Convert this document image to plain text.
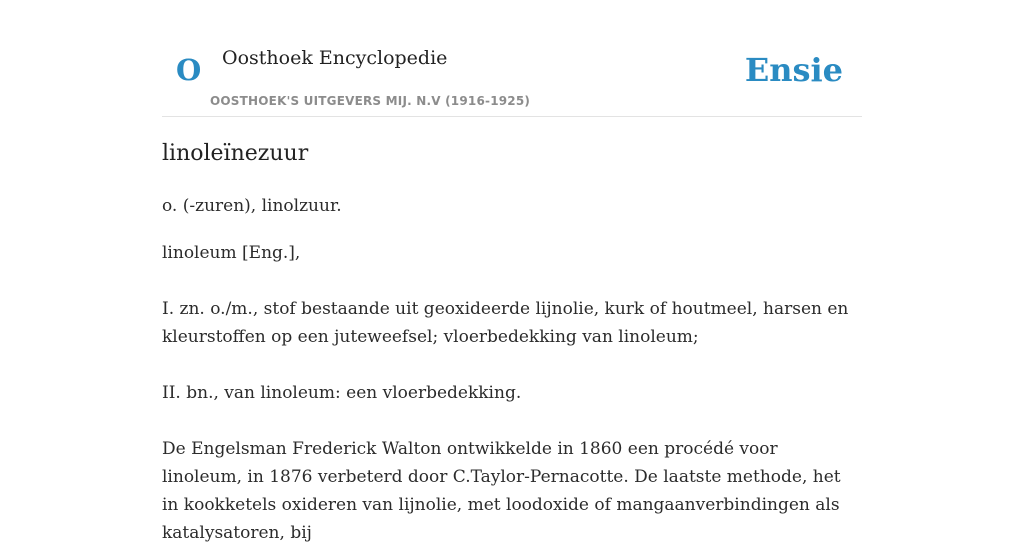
O Oosthoek Encyclopedie
OOSTHOEK'S UITGEVERS MIJ. N.V (1916-1925)
Ensie
linoleïnezuur

o. (-zuren), linolzuur.

linoleum [Eng.],

I. zn. o./m., stof bestaande uit geoxideerde lijnolie, kurk of houtmeel, harsen en kleurstoffen op een juteweefsel; vloerbedekking van linoleum;

II. bn., van linoleum: een vloerbedekking.

De Engelsman Frederick Walton ontwikkelde in 1860 een procédé voor linoleum, in 1876 verbeterd door C.Taylor-Pernacotte. De laatste methode, het in kookketels oxideren van lijnolie, met loodoxide of mangaanverbindingen als katalysatoren, bij
